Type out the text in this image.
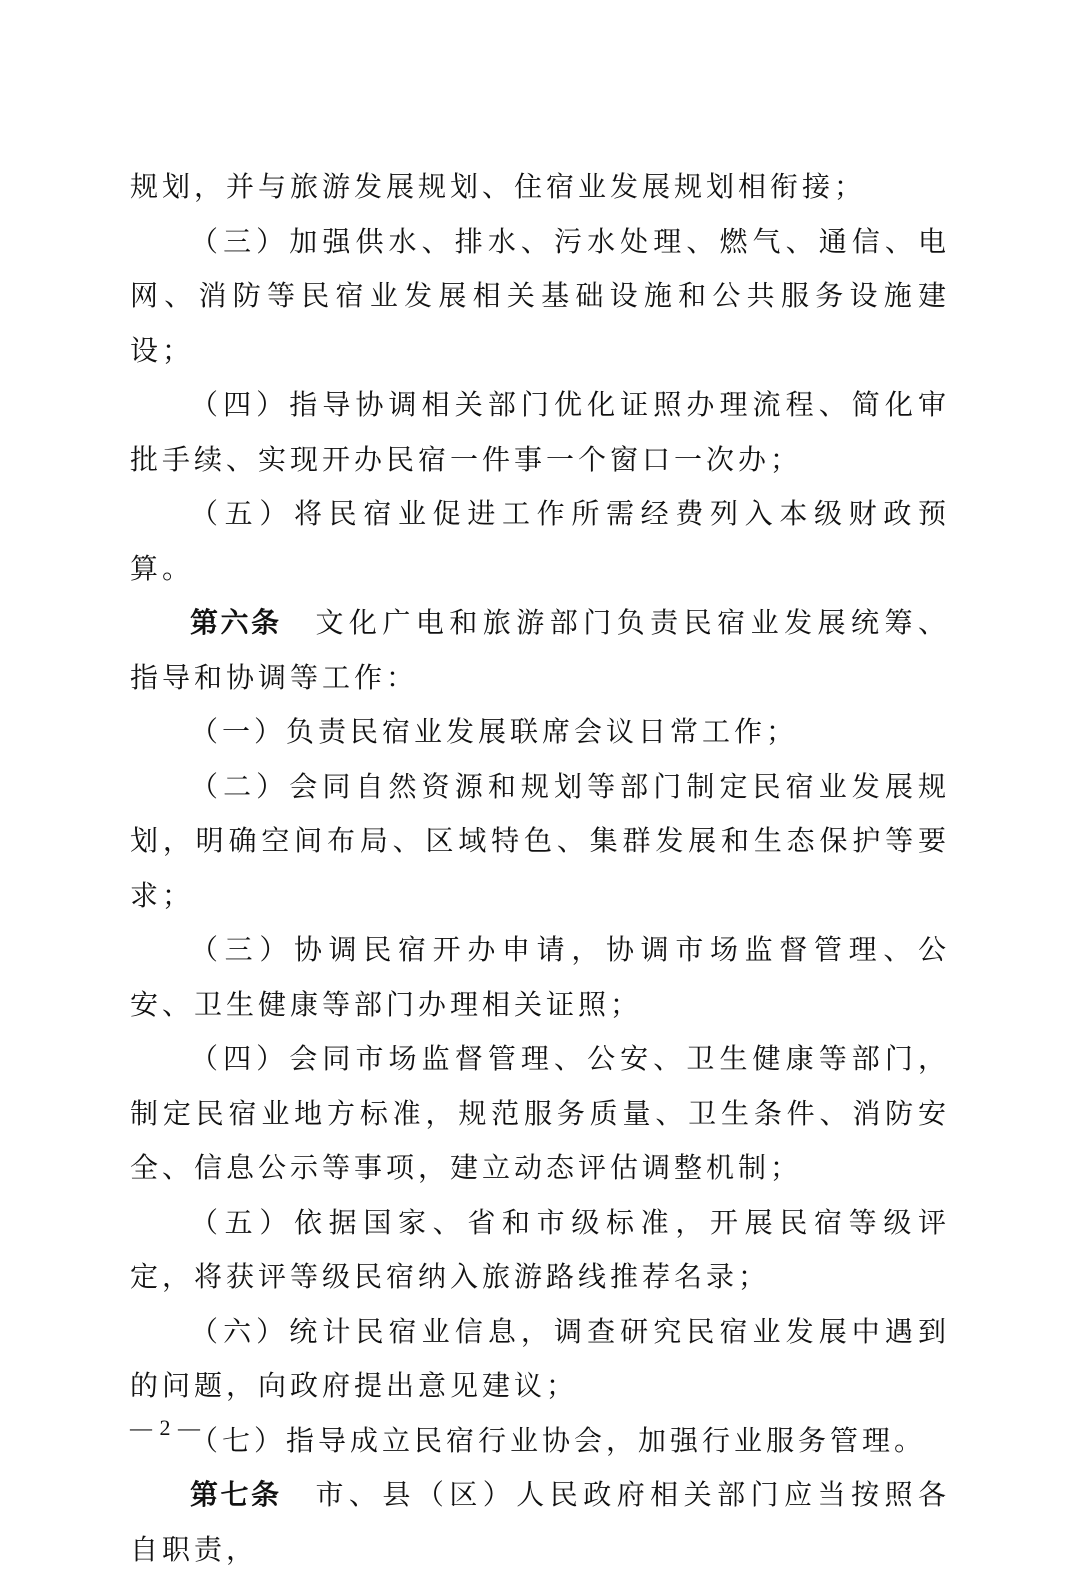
规划，并与旅游发展规划、住宿业发展规划相衔接；

（三）加强供水、排水、污水处理、燃气、通信、电网、消防等民宿业发展相关基础设施和公共服务设施建设；

（四）指导协调相关部门优化证照办理流程、简化审批手续、实现开办民宿一件事一个窗口一次办；

（五）将民宿业促进工作所需经费列入本级财政预算。

第六条 文化广电和旅游部门负责民宿业发展统筹、指导和协调等工作：

（一）负责民宿业发展联席会议日常工作；

（二）会同自然资源和规划等部门制定民宿业发展规划，明确空间布局、区域特色、集群发展和生态保护等要求；

（三）协调民宿开办申请，协调市场监督管理、公安、卫生健康等部门办理相关证照；

（四）会同市场监督管理、公安、卫生健康等部门，制定民宿业地方标准，规范服务质量、卫生条件、消防安全、信息公示等事项，建立动态评估调整机制；

（五）依据国家、省和市级标准，开展民宿等级评定，将获评等级民宿纳入旅游路线推荐名录；

（六）统计民宿业信息，调查研究民宿业发展中遇到的问题，向政府提出意见建议；

（七）指导成立民宿行业协会，加强行业服务管理。

第七条 市、县（区）人民政府相关部门应当按照各自职责，

— 2 —
